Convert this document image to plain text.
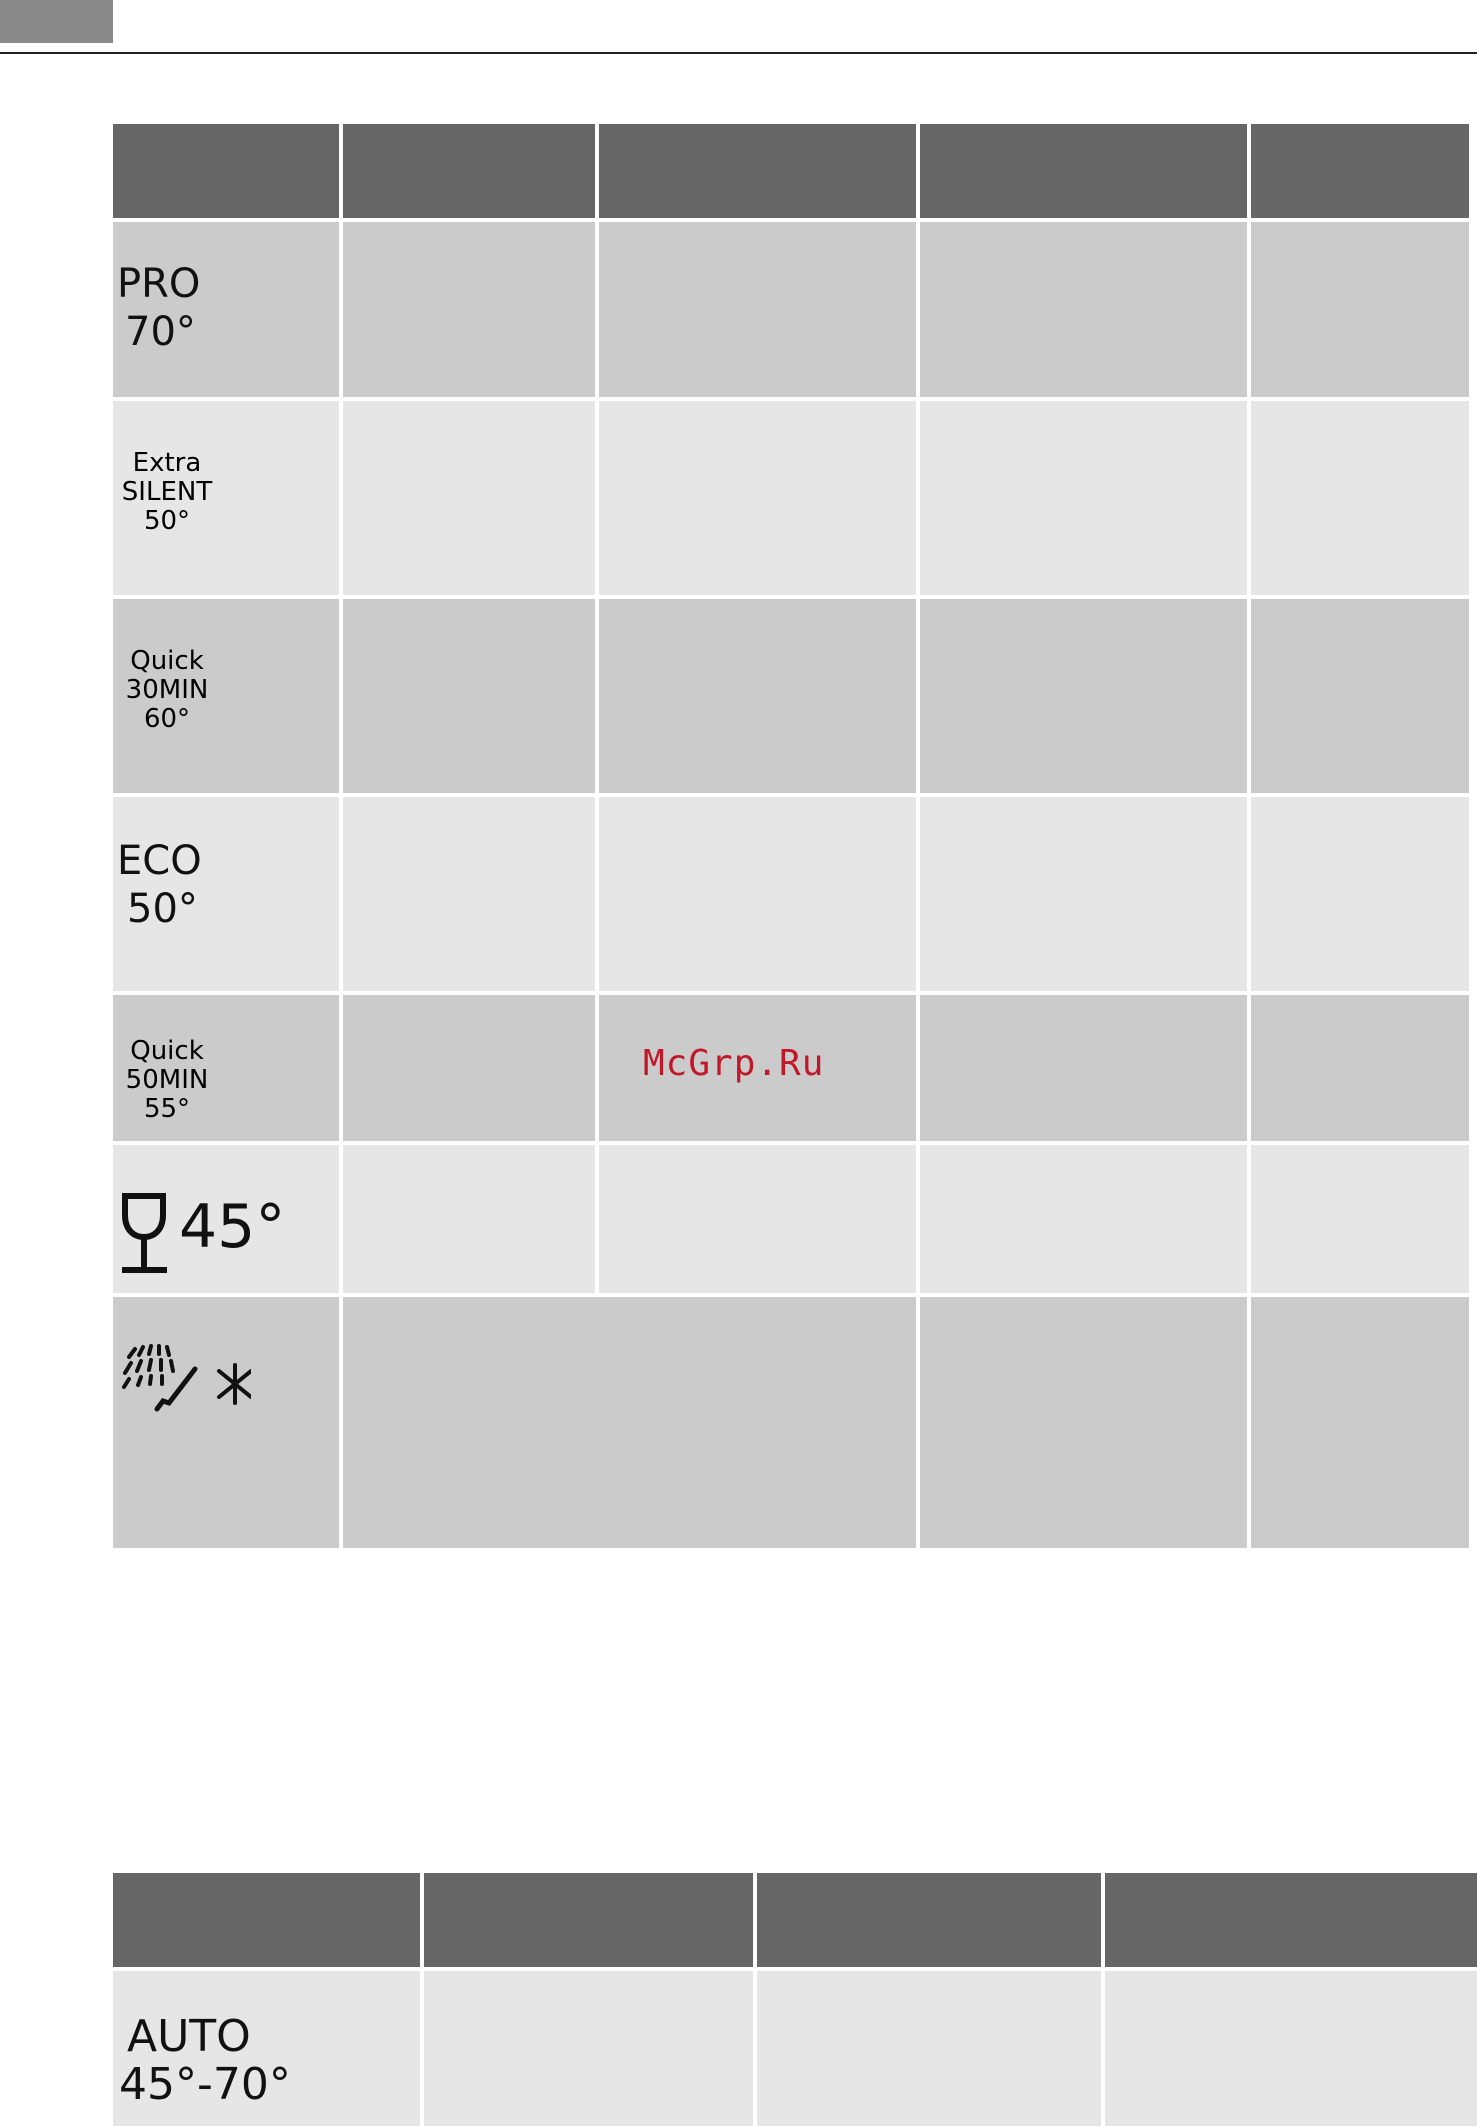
PRO
70°
Extra
SILENT
50°
Quick
30MIN
60°
ECO
50°
Quick
50MIN
55°
45°
McGrp.Ru
AUTO
45°-70°
